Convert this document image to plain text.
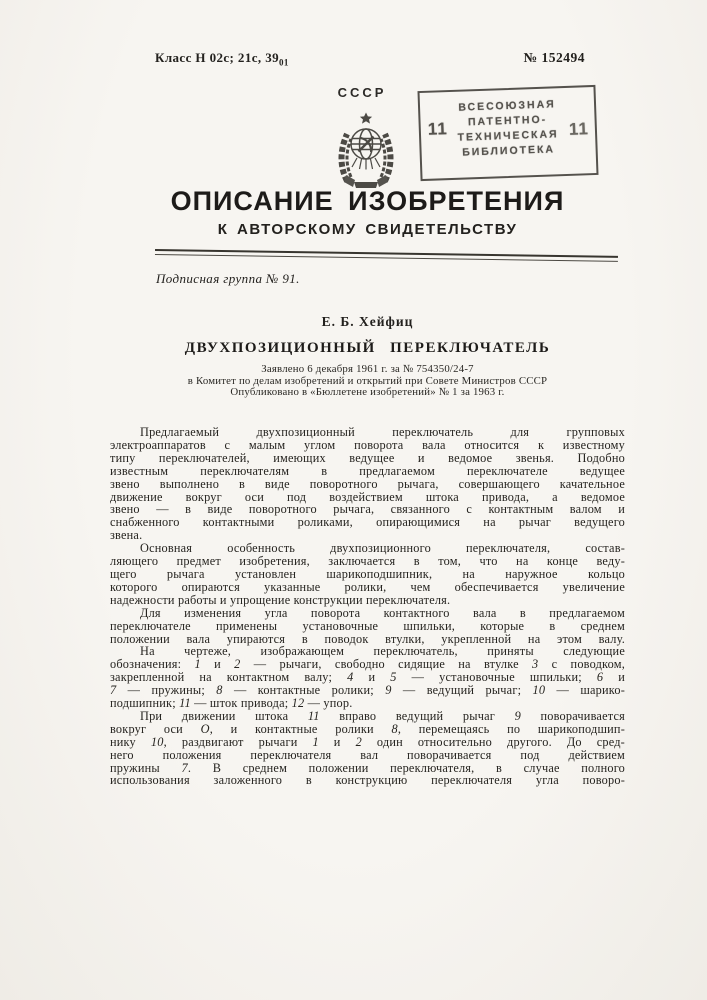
Класс Н 02с; 21с, $39_{01}$	№ 152494
СССР
11
ВСЕСОЮЗНАЯ
ПАТЕНТНО-
ТЕХНИЧЕСКАЯ
БИБЛИОТЕКА
11
ОПИСАНИЕ ИЗОБРЕТЕНИЯ
К АВТОРСКОМУ СВИДЕТЕЛЬСТВУ
Подписная группа № 91.
Е. Б. Хейфиц
ДВУХПОЗИЦИОННЫЙ ПЕРЕКЛЮЧАТЕЛЬ
Заявлено 6 декабря 1961 г. за № 754350/24-7
в Комитет по делам изобретений и открытий при Совете Министров СССР
Опубликовано в «Бюллетене изобретений» № 1 за 1963 г.
Предлагаемый двухпозиционный переключатель для групповых
электроаппаратов с малым углом поворота вала относится к известному
типу переключателей, имеющих ведущее и ведомое звенья. Подобно
известным переключателям в предлагаемом переключателе ведущее
звено выполнено в виде поворотного рычага, совершающего качательное
движение вокруг оси под воздействием штока привода, а ведомое
звено — в виде поворотного рычага, связанного с контактным валом и
снабженного контактными роликами, опирающимися на рычаг ведущего
звена.
Основная особенность двухпозиционного переключателя, состав-
ляющего предмет изобретения, заключается в том, что на конце веду-
щего рычага установлен шарикоподшипник, на наружное кольцо
которого опираются указанные ролики, чем обеспечивается увеличение
надежности работы и упрощение конструкции переключателя.
Для изменения угла поворота контактного вала в предлагаемом
переключателе применены установочные шпильки, которые в среднем
положении вала упираются в поводок втулки, укрепленной на этом валу.
На чертеже, изображающем переключатель, приняты следующие
обозначения: 1 и 2 — рычаги, свободно сидящие на втулке 3 с поводком,
закрепленной на контактном валу; 4 и 5 — установочные шпильки; 6 и
7 — пружины; 8 — контактные ролики; 9 — ведущий рычаг; 10 — шарико-
подшипник; 11 — шток привода; 12 — упор.
При движении штока 11 вправо ведущий рычаг 9 поворачивается
вокруг оси О, и контактные ролики 8, перемещаясь по шарикоподшип-
нику 10, раздвигают рычаги 1 и 2 один относительно другого. До сред-
него положения переключателя вал поворачивается под действием
пружины 7. В среднем положении переключателя, в случае полного
использования заложенного в конструкцию переключателя угла поворо-
